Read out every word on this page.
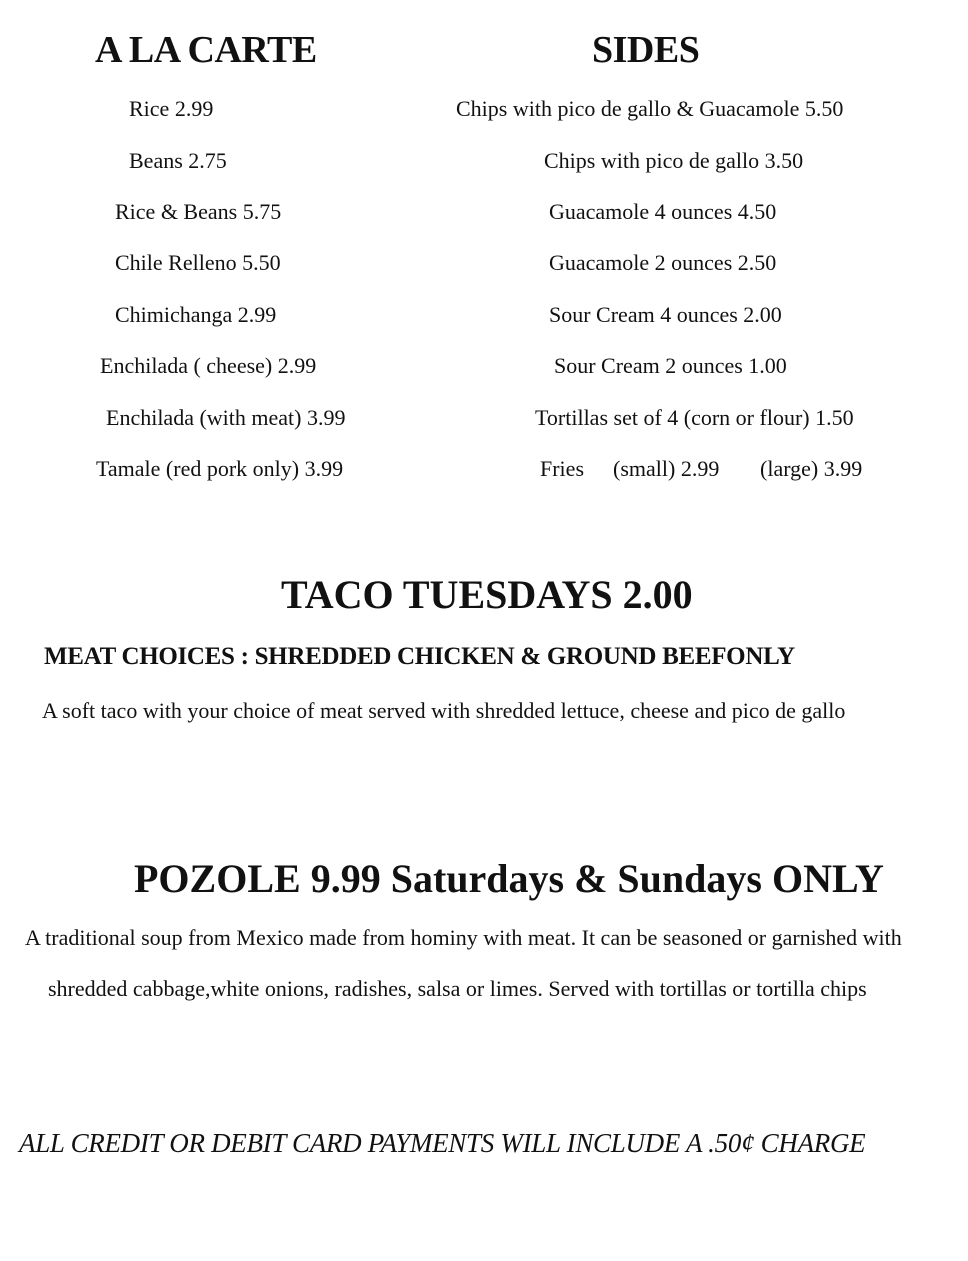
A LA CARTE
Rice 2.99
Beans 2.75
Rice & Beans 5.75
Chile Relleno 5.50
Chimichanga 2.99
Enchilada ( cheese) 2.99
Enchilada (with meat) 3.99
Tamale (red pork only) 3.99
SIDES
Chips with pico de gallo & Guacamole 5.50
Chips with pico de gallo 3.50
Guacamole 4 ounces 4.50
Guacamole 2 ounces 2.50
Sour Cream 4 ounces 2.00
Sour Cream 2 ounces 1.00
Tortillas set of 4 (corn or flour) 1.50
Fries (small) 2.99 (large) 3.99
TACO TUESDAYS 2.00
MEAT CHOICES : SHREDDED CHICKEN & GROUND BEEFONLY
A soft taco with your choice of meat served with shredded lettuce, cheese and pico de gallo
POZOLE 9.99 Saturdays & Sundays ONLY
A traditional soup from Mexico made from hominy with meat. It can be seasoned or garnished with
shredded cabbage,white onions, radishes, salsa or limes. Served with tortillas or tortilla chips
ALL CREDIT OR DEBIT CARD PAYMENTS WILL INCLUDE A .50¢ CHARGE
